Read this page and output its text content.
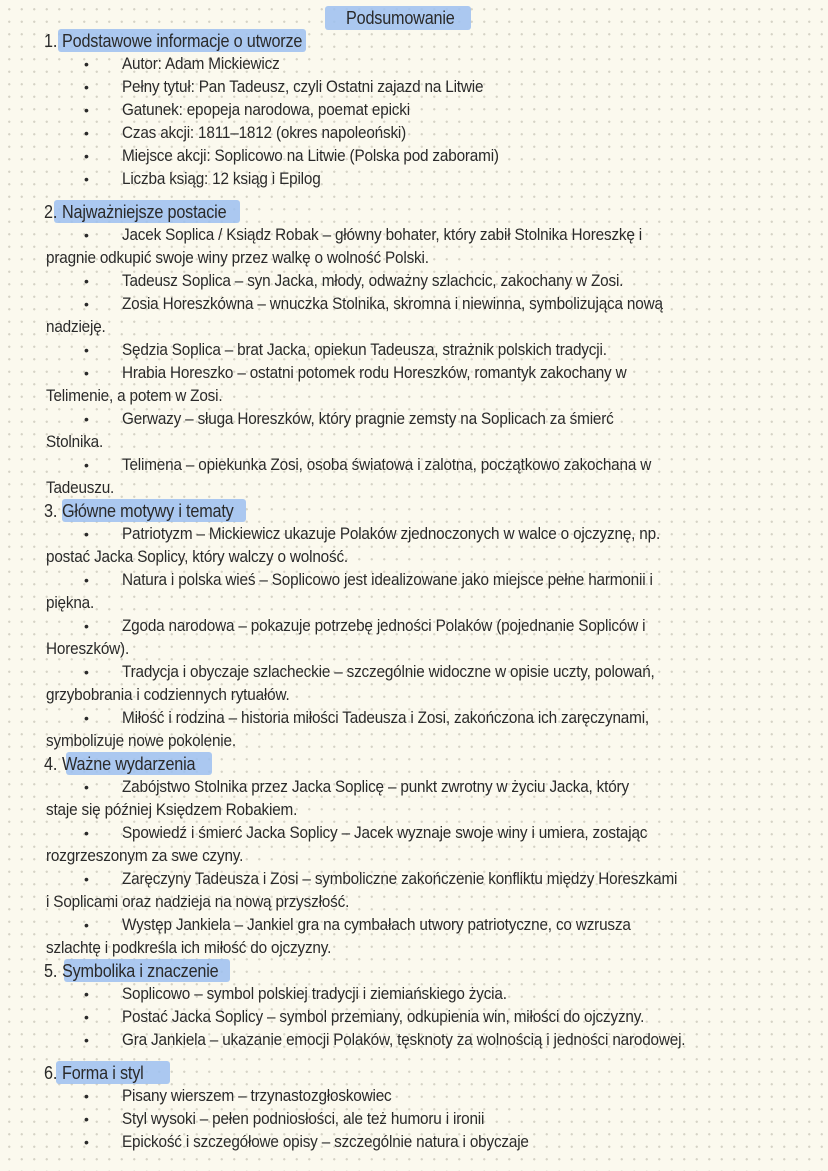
Podsumowanie
1. Podstawowe informacje o utworze
• Autor: Adam Mickiewicz
• Pełny tytuł: Pan Tadeusz, czyli Ostatni zajazd na Litwie
• Gatunek: epopeja narodowa, poemat epicki
• Czas akcji: 1811–1812 (okres napoleoński)
• Miejsce akcji: Soplicowo na Litwie (Polska pod zaborami)
• Liczba ksiąg: 12 ksiąg i Epilog
2. Najważniejsze postacie
• Jacek Soplica / Ksiądz Robak – główny bohater, który zabił Stolnika Horeszkę i
pragnie odkupić swoje winy przez walkę o wolność Polski.
• Tadeusz Soplica – syn Jacka, młody, odważny szlachcic, zakochany w Zosi.
• Zosia Horeszkówna – wnuczka Stolnika, skromna i niewinna, symbolizująca nową
nadzieję.
• Sędzia Soplica – brat Jacka, opiekun Tadeusza, strażnik polskich tradycji.
• Hrabia Horeszko – ostatni potomek rodu Horeszków, romantyk zakochany w
Telimenie, a potem w Zosi.
• Gerwazy – sługa Horeszków, który pragnie zemsty na Soplicach za śmierć
Stolnika.
• Telimena – opiekunka Zosi, osoba światowa i zalotna, początkowo zakochana w
Tadeuszu.
3. Główne motywy i tematy
• Patriotyzm – Mickiewicz ukazuje Polaków zjednoczonych w walce o ojczyznę, np.
postać Jacka Soplicy, który walczy o wolność.
• Natura i polska wieś – Soplicowo jest idealizowane jako miejsce pełne harmonii i
piękna.
• Zgoda narodowa – pokazuje potrzebę jedności Polaków (pojednanie Sopliców i
Horeszków).
• Tradycja i obyczaje szlacheckie – szczególnie widoczne w opisie uczty, polowań,
grzybobrania i codziennych rytuałów.
• Miłość i rodzina – historia miłości Tadeusza i Zosi, zakończona ich zaręczynami,
symbolizuje nowe pokolenie.
4. Ważne wydarzenia
• Zabójstwo Stolnika przez Jacka Soplicę – punkt zwrotny w życiu Jacka, który
staje się później Księdzem Robakiem.
• Spowiedź i śmierć Jacka Soplicy – Jacek wyznaje swoje winy i umiera, zostając
rozgrzeszonym za swe czyny.
• Zaręczyny Tadeusza i Zosi – symboliczne zakończenie konfliktu między Horeszkami
i Soplicami oraz nadzieja na nową przyszłość.
• Występ Jankiela – Jankiel gra na cymbałach utwory patriotyczne, co wzrusza
szlachtę i podkreśla ich miłość do ojczyzny.
5. Symbolika i znaczenie
• Soplicowo – symbol polskiej tradycji i ziemiańskiego życia.
• Postać Jacka Soplicy – symbol przemiany, odkupienia win, miłości do ojczyzny.
• Gra Jankiela – ukazanie emocji Polaków, tęsknoty za wolnością i jedności narodowej.
6. Forma i styl
• Pisany wierszem – trzynastozgłoskowiec
• Styl wysoki – pełen podniosłości, ale też humoru i ironii
• Epickość i szczegółowe opisy – szczególnie natura i obyczaje
